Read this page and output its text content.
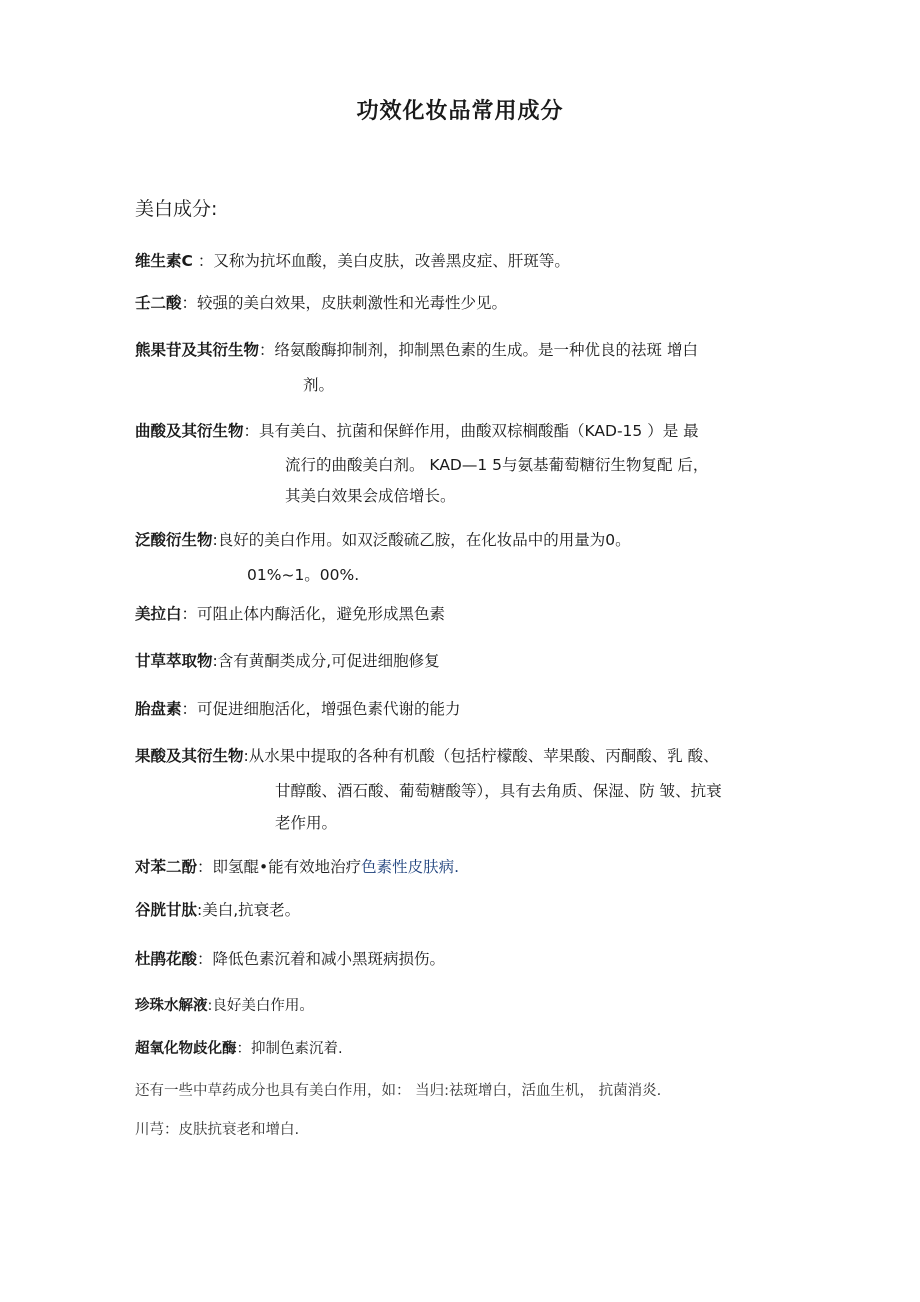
功效化妆品常用成分
美白成分:
维生素C ：又称为抗坏血酸，美白皮肤，改善黑皮症、肝斑等。
壬二酸：较强的美白效果，皮肤刺激性和光毒性少见。
熊果苷及其衍生物：络氨酸酶抑制剂，抑制黑色素的生成。是一种优良的祛斑 增白
剂。
曲酸及其衍生物：具有美白、抗菌和保鲜作用，曲酸双棕榈酸酯（KAD-15 ）是 最
流行的曲酸美白剂。 KAD—1 5与氨基葡萄糖衍生物复配 后，
其美白效果会成倍增长。
泛酸衍生物:良好的美白作用。如双泛酸硫乙胺，在化妆品中的用量为0。
01%~1。00%.
美拉白：可阻止体内酶活化，避免形成黑色素
甘草萃取物:含有黄酮类成分,可促进细胞修复
胎盘素：可促进细胞活化，增强色素代谢的能力
果酸及其衍生物:从水果中提取的各种有机酸（包括柠檬酸、苹果酸、丙酮酸、乳 酸、
甘醇酸、酒石酸、葡萄糖酸等），具有去角质、保湿、防 皱、抗衰
老作用。
对苯二酚：即氢醌•能有效地治疗色素性皮肤病.
谷胱甘肽:美白,抗衰老。
杜鹃花酸：降低色素沉着和减小黑斑病损伤。
珍珠水解液:良好美白作用。
超氧化物歧化酶：抑制色素沉着.
还有一些中草药成分也具有美白作用，如： 当归:祛斑增白，活血生机， 抗菌消炎.
川芎：皮肤抗衰老和增白.
